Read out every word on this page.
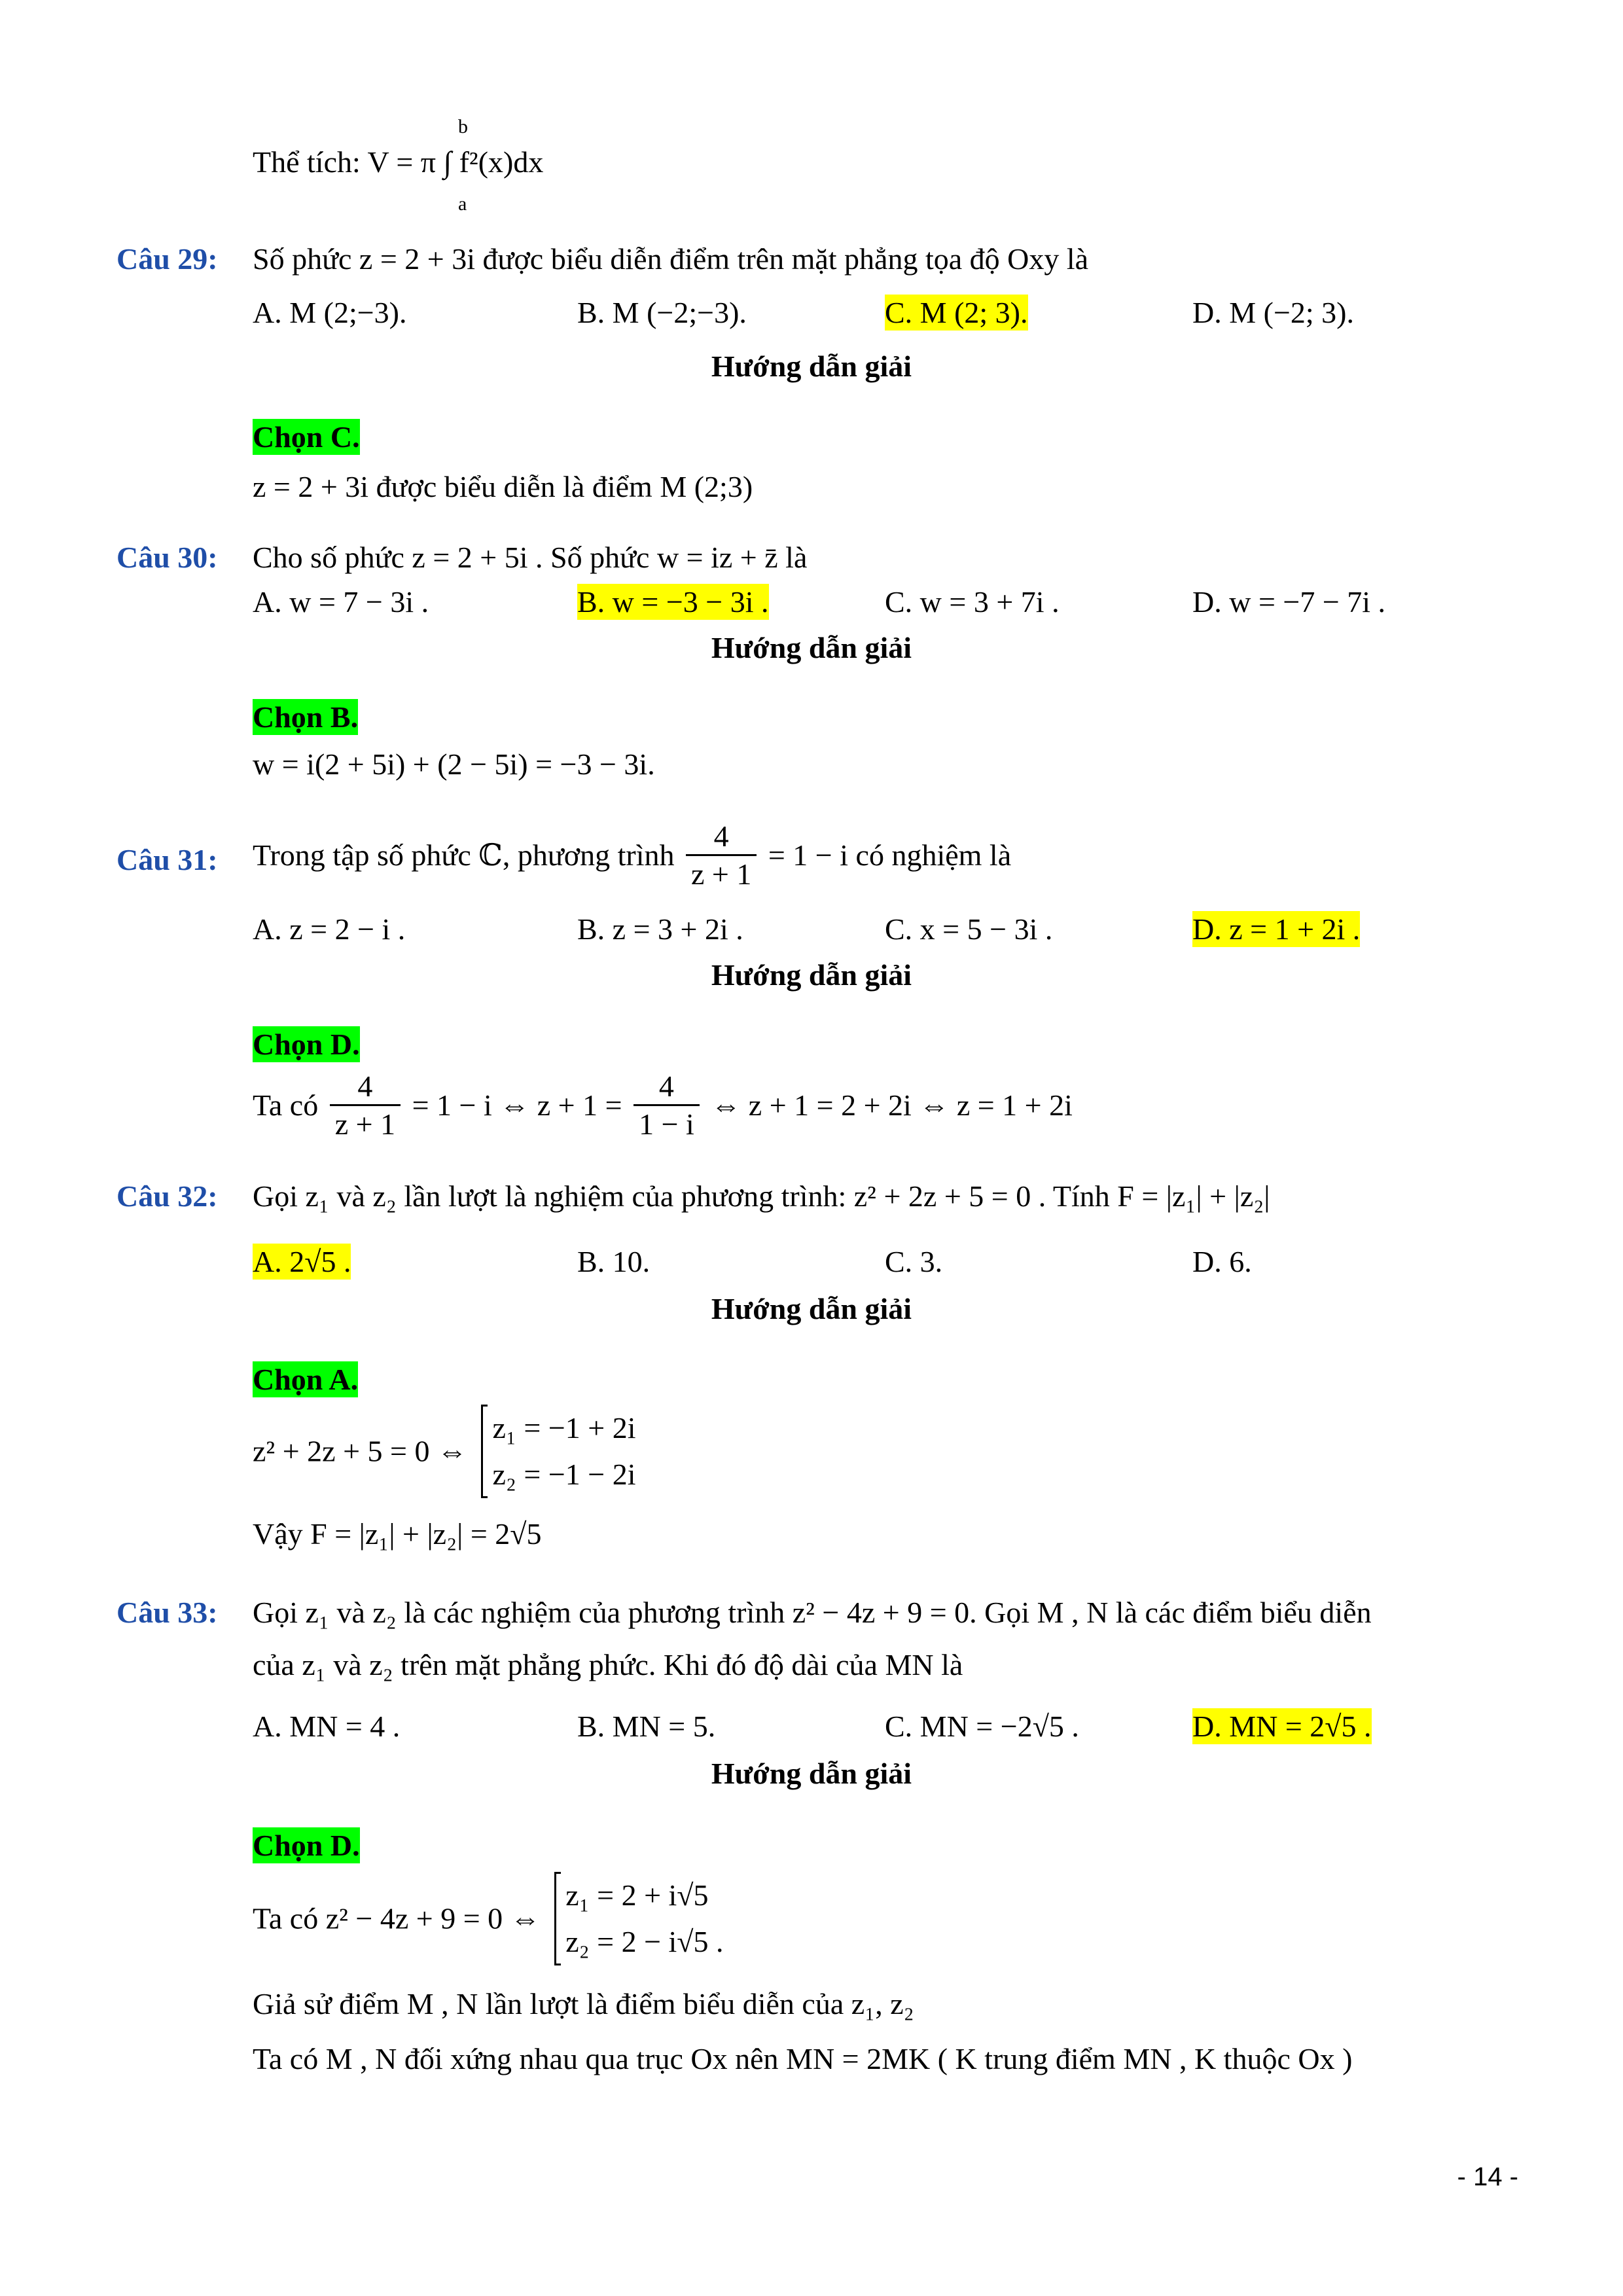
Thể tích: V = π ∫ f²(x)dx
b
a
Câu 29: Số phức z = 2 + 3i được biểu diễn điểm trên mặt phẳng tọa độ Oxy là
A. M (2;−3).	B. M (−2;−3).	C. M (2; 3).	D. M (−2; 3).
Hướng dẫn giải
Chọn C.
z = 2 + 3i được biểu diễn là điểm M (2;3)
Câu 30: Cho số phức z = 2 + 5i . Số phức w = iz + z̄ là
A. w = 7 − 3i .	B. w = −3 − 3i .	C. w = 3 + 7i .	D. w = −7 − 7i .
Hướng dẫn giải
Chọn B.
w = i(2 + 5i) + (2 − 5i) = −3 − 3i.
Câu 31: Trong tập số phức ℂ, phương trình $\frac{4}{z + 1} = 1 - i$ có nghiệm là
A. z = 2 − i .	B. z = 3 + 2i .	C. x = 5 − 3i .	D. z = 1 + 2i .
Hướng dẫn giải
Chọn D.
Ta có $\frac{4}{z + 1} = 1 - i$ ⇔ $z + 1 = \frac{4}{1 - i}$ ⇔ z + 1 = 2 + 2i ⇔ z = 1 + 2i
Câu 32: Gọi z₁ và z₂ lần lượt là nghiệm của phương trình: z² + 2z + 5 = 0 . Tính F = |z₁| + |z₂|
A. 2√5 .	B. 10.	C. 3.	D. 6.
Hướng dẫn giải
Chọn A.
z² + 2z + 5 = 0 ⇔
z₁ = −1 + 2i
z₂ = −1 − 2i
Vậy F = |z₁| + |z₂| = 2√5
Câu 33: Gọi z₁ và z₂ là các nghiệm của phương trình z² − 4z + 9 = 0. Gọi M , N là các điểm biểu diễn
của z₁ và z₂ trên mặt phẳng phức. Khi đó độ dài của MN là
A. MN = 4 .	B. MN = 5.	C. MN = −2√5 .	D. MN = 2√5 .
Hướng dẫn giải
Chọn D.
Ta có z² − 4z + 9 = 0 ⇔
z₁ = 2 + i√5
z₂ = 2 − i√5 .
Giả sử điểm M , N lần lượt là điểm biểu diễn của z₁, z₂
Ta có M , N đối xứng nhau qua trục Ox nên MN = 2MK ( K trung điểm MN , K thuộc Ox )
- 14 -
